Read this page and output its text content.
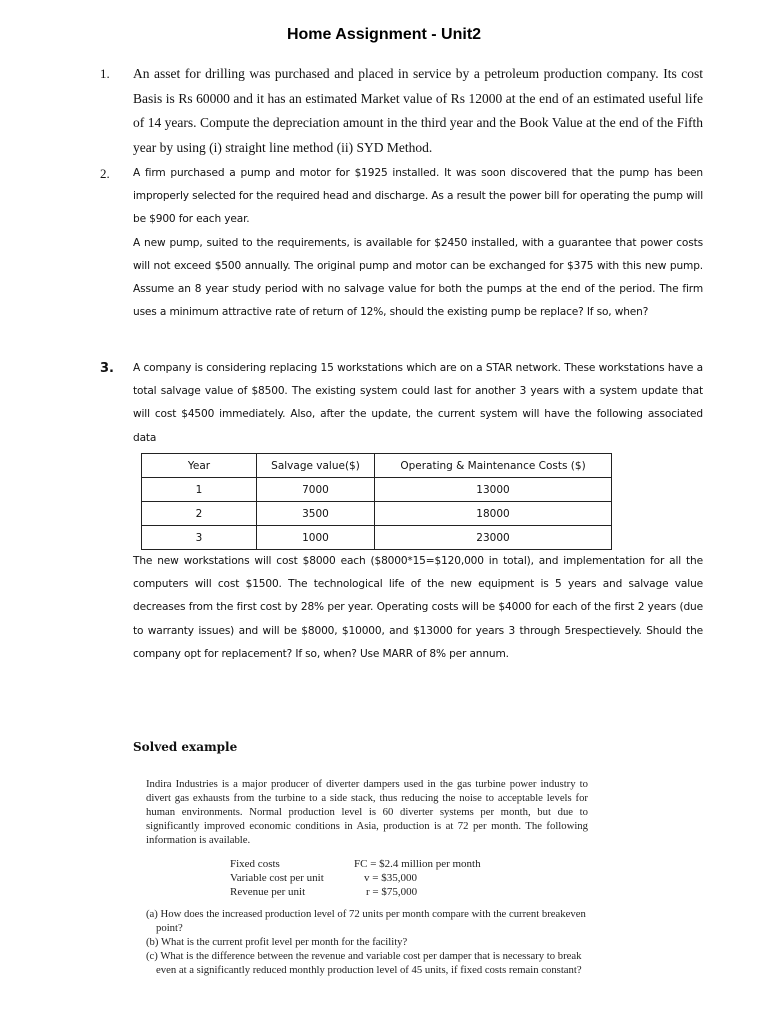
Home Assignment - Unit2
1. An asset for drilling was purchased and placed in service by a petroleum production company. Its cost Basis is Rs 60000 and it has an estimated Market value of Rs 12000 at the end of an estimated useful life of 14 years. Compute the depreciation amount in the third year and the Book Value at the end of the Fifth year by using (i) straight line method (ii) SYD Method.
2. A firm purchased a pump and motor for $1925 installed. It was soon discovered that the pump has been improperly selected for the required head and discharge. As a result the power bill for operating the pump will be $900 for each year.

A new pump, suited to the requirements, is available for $2450 installed, with a guarantee that power costs will not exceed $500 annually. The original pump and motor can be exchanged for $375 with this new pump. Assume an 8 year study period with no salvage value for both the pumps at the end of the period. The firm uses a minimum attractive rate of return of 12%, should the existing pump be replace? If so, when?

3. A company is considering replacing 15 workstations which are on a STAR network. These workstations have a total salvage value of $8500. The existing system could last for another 3 years with a system update that will cost $4500 immediately. Also, after the update, the current system will have the following associated data
Year	Salvage value($)	Operating & Maintenance Costs ($)
1	7000	13000
2	3500	18000
3	1000	23000
The new workstations will cost $8000 each ($8000*15=$120,000 in total), and implementation for all the computers will cost $1500. The technological life of the new equipment is 5 years and salvage value decreases from the first cost by 28% per year. Operating costs will be $4000 for each of the first 2 years (due to warranty issues) and will be $8000, $10000, and $13000 for years 3 through 5respectievely. Should the company opt for replacement? If so, when? Use MARR of 8% per annum.
Solved example
Indira Industries is a major producer of diverter dampers used in the gas turbine power industry to divert gas exhausts from the turbine to a side stack, thus reducing the noise to acceptable levels for human environments. Normal production level is 60 diverter systems per month, but due to significantly improved economic conditions in Asia, production is at 72 per month. The following information is available.
Fixed costs	FC = $2.4 million per month
Variable cost per unit	v = $35,000
Revenue per unit	r = $75,000
(a) How does the increased production level of 72 units per month compare with the current breakeven point?
(b) What is the current profit level per month for the facility?
(c) What is the difference between the revenue and variable cost per damper that is necessary to break even at a significantly reduced monthly production level of 45 units, if fixed costs remain constant?
